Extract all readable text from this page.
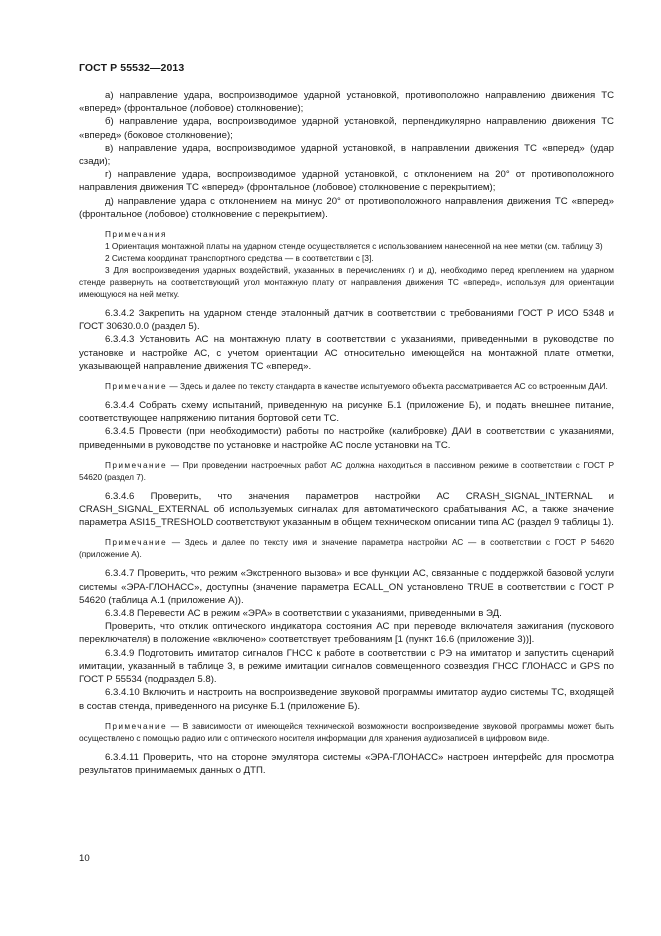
ГОСТ Р 55532—2013

а) направление удара, воспроизводимое ударной установкой, противоположно направлению движения ТС «вперед» (фронтальное (лобовое) столкновение);

б) направление удара, воспроизводимое ударной установкой, перпендикулярно направлению движения ТС «вперед» (боковое столкновение);

в) направление удара, воспроизводимое ударной установкой, в направлении движения ТС «вперед» (удар сзади);

г) направление удара, воспроизводимое ударной установкой, с отклонением на 20° от противоположного направления движения ТС «вперед» (фронтальное (лобовое) столкновение с перекрытием);

д) направление удара с отклонением на минус 20° от противоположного направления движения ТС «вперед» (фронтальное (лобовое) столкновение с перекрытием).

Примечания

1 Ориентация монтажной платы на ударном стенде осуществляется с использованием нанесенной на нее метки (см. таблицу 3)

2 Система координат транспортного средства — в соответствии с [3].

3 Для воспроизведения ударных воздействий, указанных в перечислениях г) и д), необходимо перед креплением на ударном стенде развернуть на соответствующий угол монтажную плату от направления движения ТС «вперед», используя для ориентации имеющуюся на ней метку.

6.3.4.2 Закрепить на ударном стенде эталонный датчик в соответствии с требованиями ГОСТ Р ИСО 5348 и ГОСТ 30630.0.0 (раздел 5).

6.3.4.3 Установить АС на монтажную плату в соответствии с указаниями, приведенными в руководстве по установке и настройке АС, с учетом ориентации АС относительно имеющейся на монтажной плате отметки, указывающей направление движения ТС «вперед».

Примечание — Здесь и далее по тексту стандарта в качестве испытуемого объекта рассматривается АС со встроенным ДАИ.

6.3.4.4 Собрать схему испытаний, приведенную на рисунке Б.1 (приложение Б), и подать внешнее питание, соответствующее напряжению питания бортовой сети ТС.

6.3.4.5 Провести (при необходимости) работы по настройке (калибровке) ДАИ в соответствии с указаниями, приведенными в руководстве по установке и настройке АС после установки на ТС.

Примечание — При проведении настроечных работ АС должна находиться в пассивном режиме в соответствии с ГОСТ Р 54620 (раздел 7).

6.3.4.6 Проверить, что значения параметров настройки АС CRASH_SIGNAL_INTERNAL и CRASH_SIGNAL_EXTERNAL об используемых сигналах для автоматического срабатывания АС, а также значение параметра ASI15_TRESHOLD соответствуют указанным в общем техническом описании типа АС (раздел 9 таблицы 1).

Примечание — Здесь и далее по тексту имя и значение параметра настройки АС — в соответствии с ГОСТ Р 54620 (приложение А).

6.3.4.7 Проверить, что режим «Экстренного вызова» и все функции АС, связанные с поддержкой базовой услуги системы «ЭРА-ГЛОНАСС», доступны (значение параметра ECALL_ON установлено TRUE в соответствии с ГОСТ Р 54620 (таблица А.1 (приложение А)).

6.3.4.8 Перевести АС в режим «ЭРА» в соответствии с указаниями, приведенными в ЭД.

Проверить, что отклик оптического индикатора состояния АС при переводе включателя зажигания (пускового переключателя) в положение «включено» соответствует требованиям [1 (пункт 16.6 (приложение 3))].

6.3.4.9 Подготовить имитатор сигналов ГНСС к работе в соответствии с РЭ на имитатор и запустить сценарий имитации, указанный в таблице 3, в режиме имитации сигналов совмещенного созвездия ГНСС ГЛОНАСС и GPS по ГОСТ Р 55534 (подраздел 5.8).

6.3.4.10 Включить и настроить на воспроизведение звуковой программы имитатор аудио системы ТС, входящей в состав стенда, приведенного на рисунке Б.1 (приложение Б).

Примечание — В зависимости от имеющейся технической возможности воспроизведение звуковой программы может быть осуществлено с помощью радио или с оптического носителя информации для хранения аудиозаписей в цифровом виде.

6.3.4.11 Проверить, что на стороне эмулятора системы «ЭРА-ГЛОНАСС» настроен интерфейс для просмотра результатов принимаемых данных о ДТП.

10
